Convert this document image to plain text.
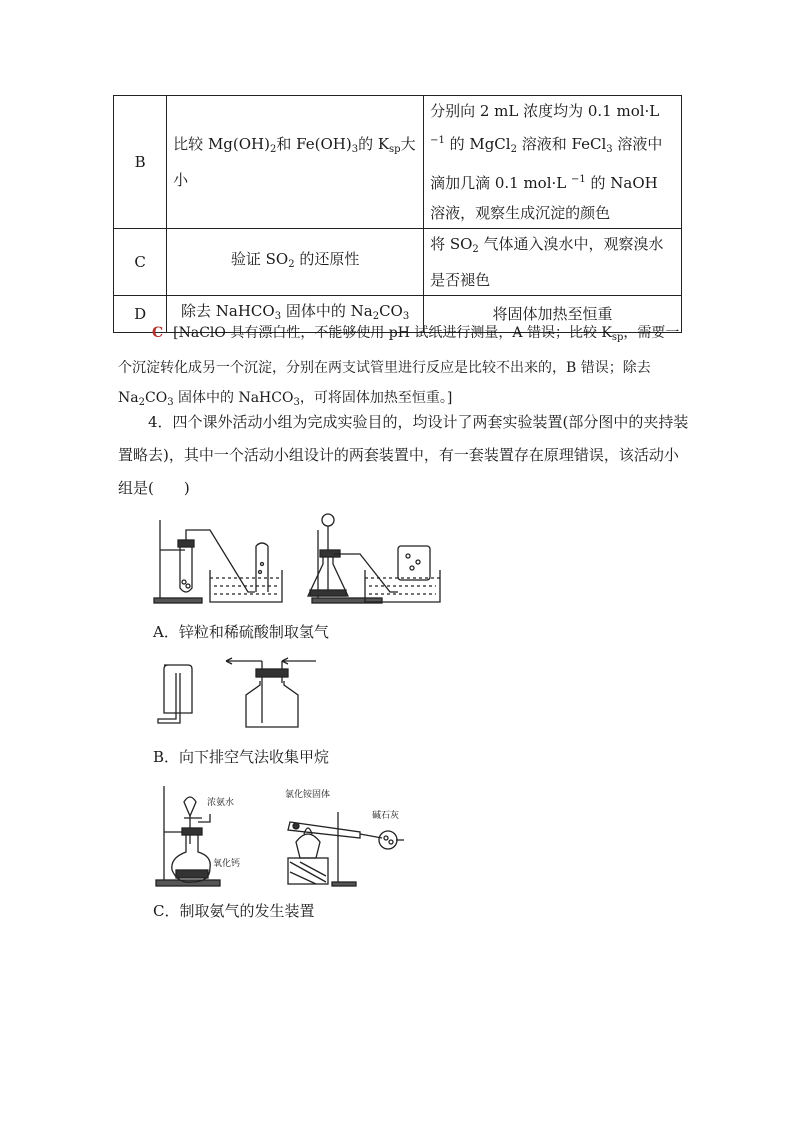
B	比较 $Mg(OH)_2$和 $Fe(OH)_3$的 $K_{sp}$大小	分别向 2 mL 浓度均为 0.1 mol·L $^{-1}$ 的 MgCl$_2$ 溶液和 FeCl$_3$ 溶液中滴加几滴 0.1 mol·L $^{-1}$ 的 NaOH 溶液，观察生成沉淀的颜色
C	验证 $SO_2$ 的还原性	将 $SO_2$ 气体通入溴水中，观察溴水是否褪色
D	除去 NaHCO$_3$ 固体中的 $Na_2CO_3$	将固体加热至恒重
C [NaClO 具有漂白性，不能够使用 pH 试纸进行测量，A 错误；比较 $K_{sp}$，需要一个沉淀转化成另一个沉淀，分别在两支试管里进行反应是比较不出来的，B 错误；除去 $Na_2CO_3$ 固体中的 NaHCO$_3$，可将固体加热至恒重。]
4．四个课外活动小组为完成实验目的，均设计了两套实验装置(部分图中的夹持装置略去)，其中一个活动小组设计的两套装置中，有一套装置存在原理错误，该活动小组是(　　)
A．锌粒和稀硫酸制取氢气
B．向下排空气法收集甲烷
浓氨水
氧化钙
氯化铵固体
碱石灰
C．制取氨气的发生装置
